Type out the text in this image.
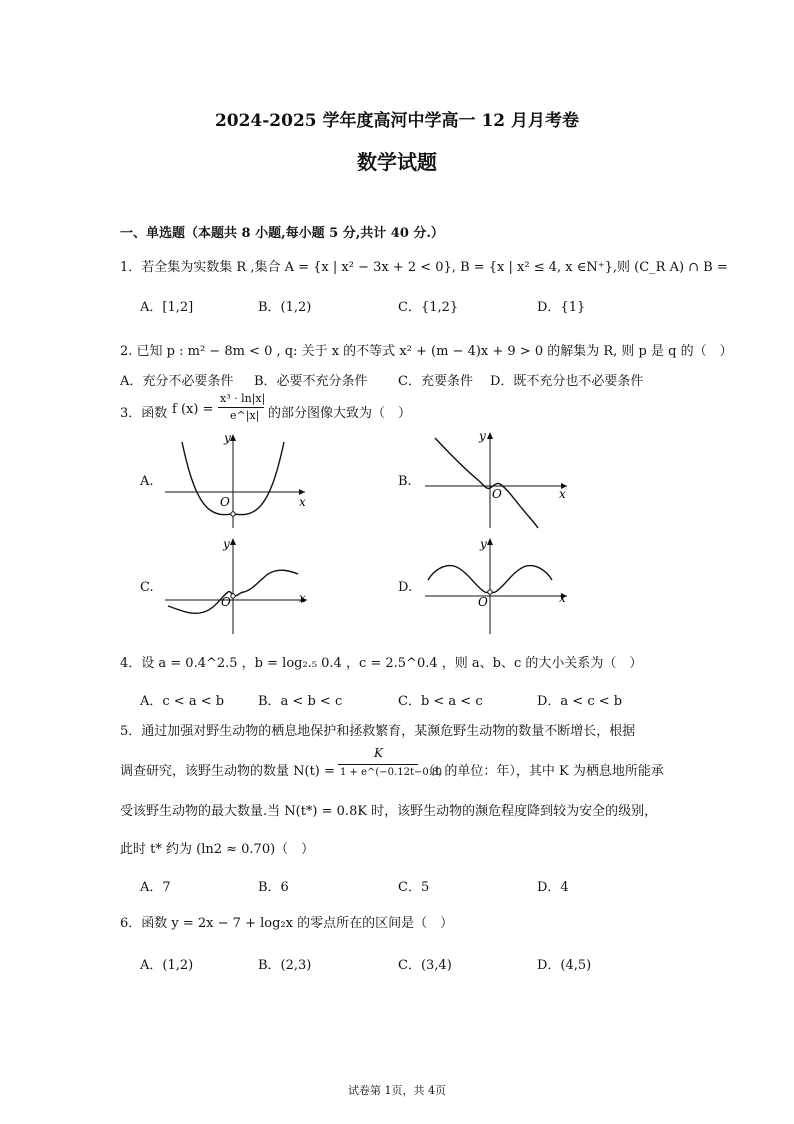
2024-2025 学年度高河中学高一 12 月月考卷
数学试题
一、单选题（本题共 8 小题,每小题 5 分,共计 40 分.）
1．若全集为实数集 R ,集合 A = {x | x² − 3x + 2 < 0}, B = {x | x² ≤ 4, x ∈N⁺},则 (C_R A) ∩ B =
A．[1,2]	B．(1,2)	C．{1,2}	D．{1}
2. 已知 p : m² − 8m < 0 , q: 关于 x 的不等式 x² + (m − 4)x + 9 > 0 的解集为 R, 则 p 是 q 的（　）
A．充分不必要条件 B．必要不充分条件 C．充要条件 D．既不充分也不必要条件
3．函数 f (x) =
x³ · ln|x|
e^|x| 的部分图像大致为（　）
A.	B.
C.	D.
y
x
O
y
x
O
y
x
O
y
x
O
4．设 a = 0.4^2.5 ，b = log₂.₅ 0.4 ，c = 2.5^0.4 ，则 a、b、c 的大小关系为（　）
A．c < a < b	B．a < b < c	C．b < a < c	D．a < c < b
5．通过加强对野生动物的栖息地保护和拯救繁育，某濒危野生动物的数量不断增长，根据
调查研究，该野生动物的数量 N(t) =
K
1 + e^(−0.12t−0.8)
（t 的单位：年），其中 K 为栖息地所能承
受该野生动物的最大数量.当 N(t*) = 0.8K 时，该野生动物的濒危程度降到较为安全的级别，
此时 t* 约为 (ln2 ≈ 0.70)（　）
A．7	B．6	C．5	D．4
6．函数 y = 2x − 7 + log₂x 的零点所在的区间是（　）
A．(1,2)	B．(2,3)	C．(3,4)	D．(4,5)
试卷第 1页，共 4页
